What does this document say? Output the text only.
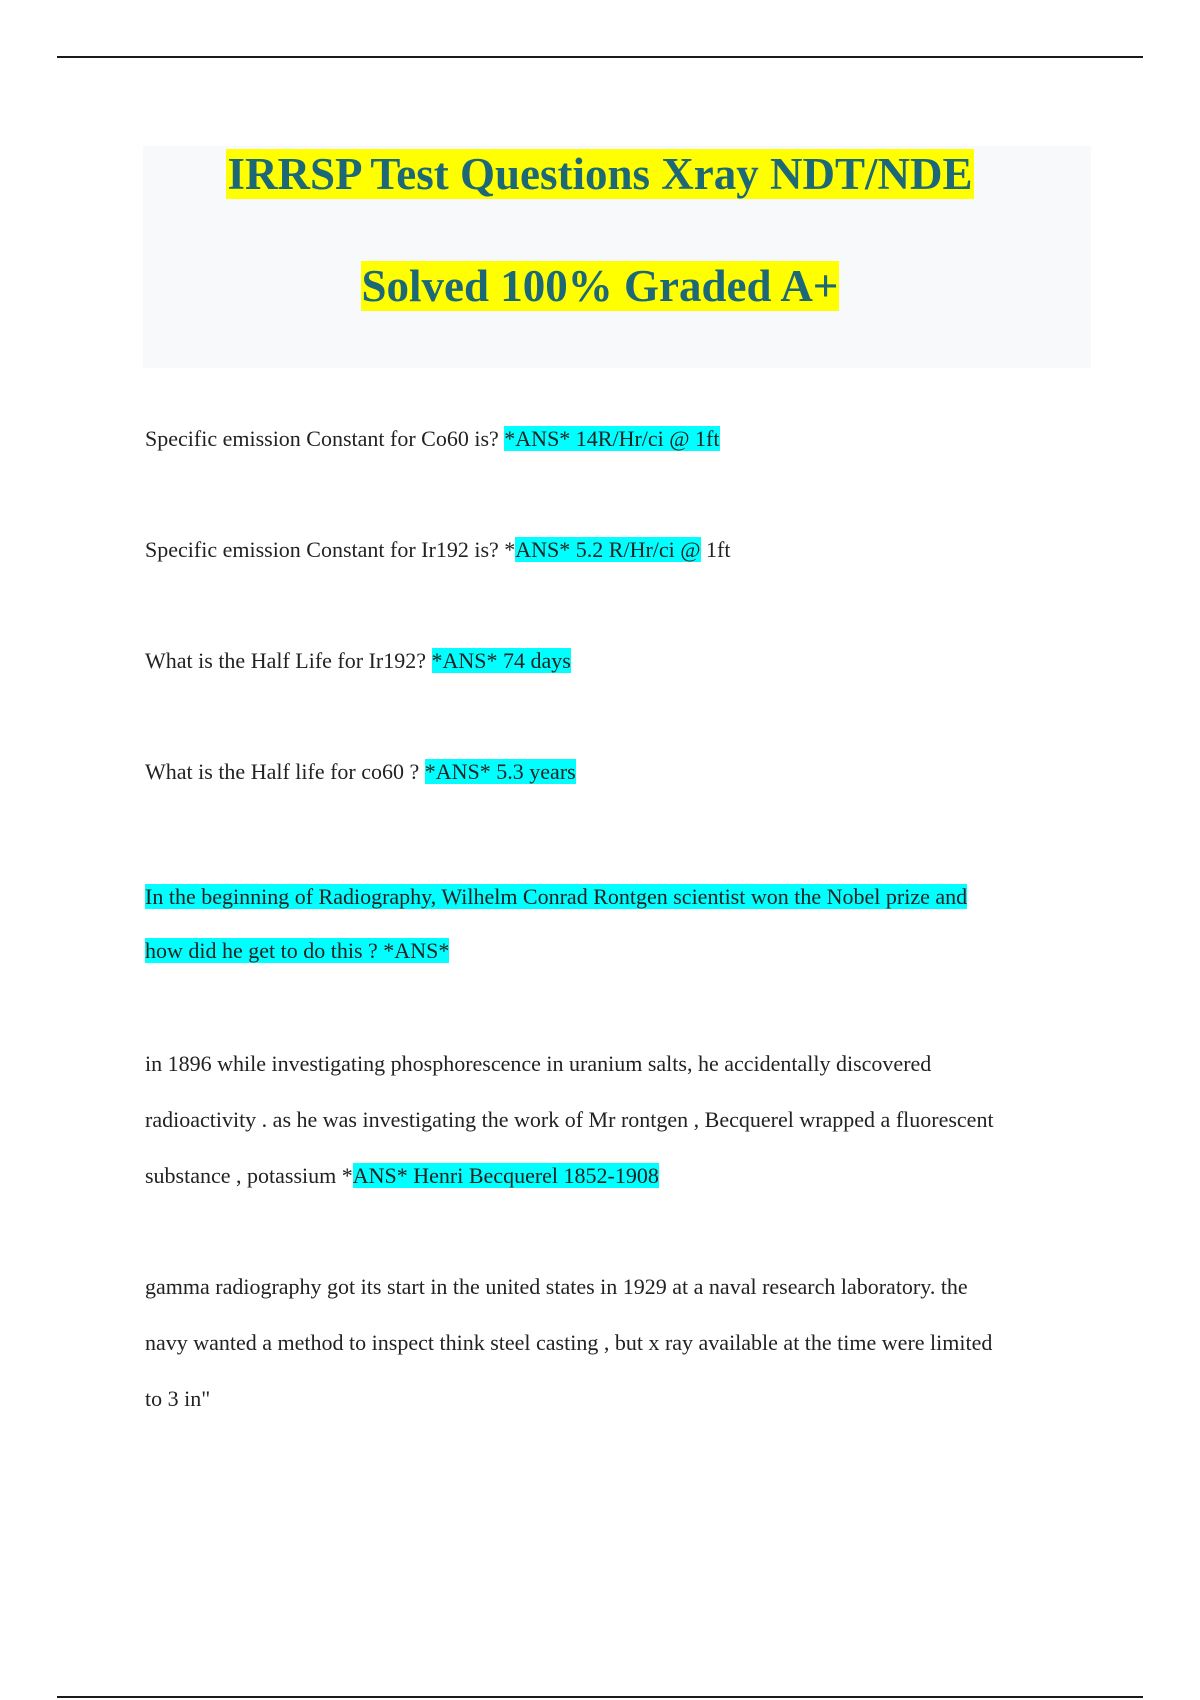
IRRSP Test Questions Xray NDT/NDE
Solved 100% Graded A+
Specific emission Constant for Co60 is? *ANS* 14R/Hr/ci @ 1ft
Specific emission Constant for Ir192 is? *ANS* 5.2 R/Hr/ci @ 1ft
What is the Half Life for Ir192? *ANS* 74 days
What is the Half life for co60 ? *ANS* 5.3 years
In the beginning of Radiography, Wilhelm Conrad Rontgen scientist won the Nobel prize and
how did he get to do this ? *ANS*
in 1896 while investigating phosphorescence in uranium salts, he accidentally discovered
radioactivity . as he was investigating the work of Mr rontgen , Becquerel wrapped a fluorescent
substance , potassium *ANS* Henri Becquerel 1852-1908
gamma radiography got its start in the united states in 1929 at a naval research laboratory. the
navy wanted a method to inspect think steel casting , but x ray available at the time were limited
to 3 in"
